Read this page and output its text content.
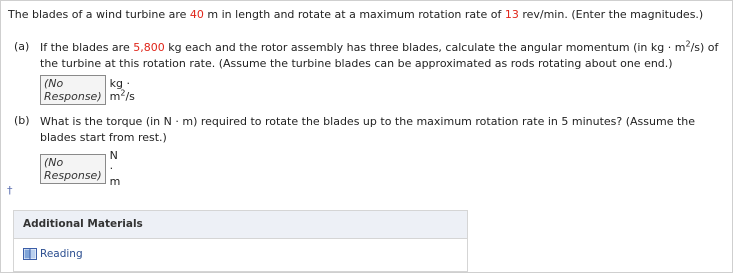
The blades of a wind turbine are 40 m in length and rotate at a maximum rotation rate of 13 rev/min. (Enter the magnitudes.)
(a) If the blades are 5,800 kg each and the rotor assembly has three blades, calculate the angular momentum (in kg · $m^2/s$) of
the turbine at this rotation rate. (Assume the turbine blades can be approximated as rods rotating about one end.)
(No Response)
kg · $m^2/s$
(b) What is the torque (in N · m) required to rotate the blades up to the maximum rotation rate in 5 minutes? (Assume the
blades start from rest.)
(No Response)
N · m
†
Additional Materials
Reading
